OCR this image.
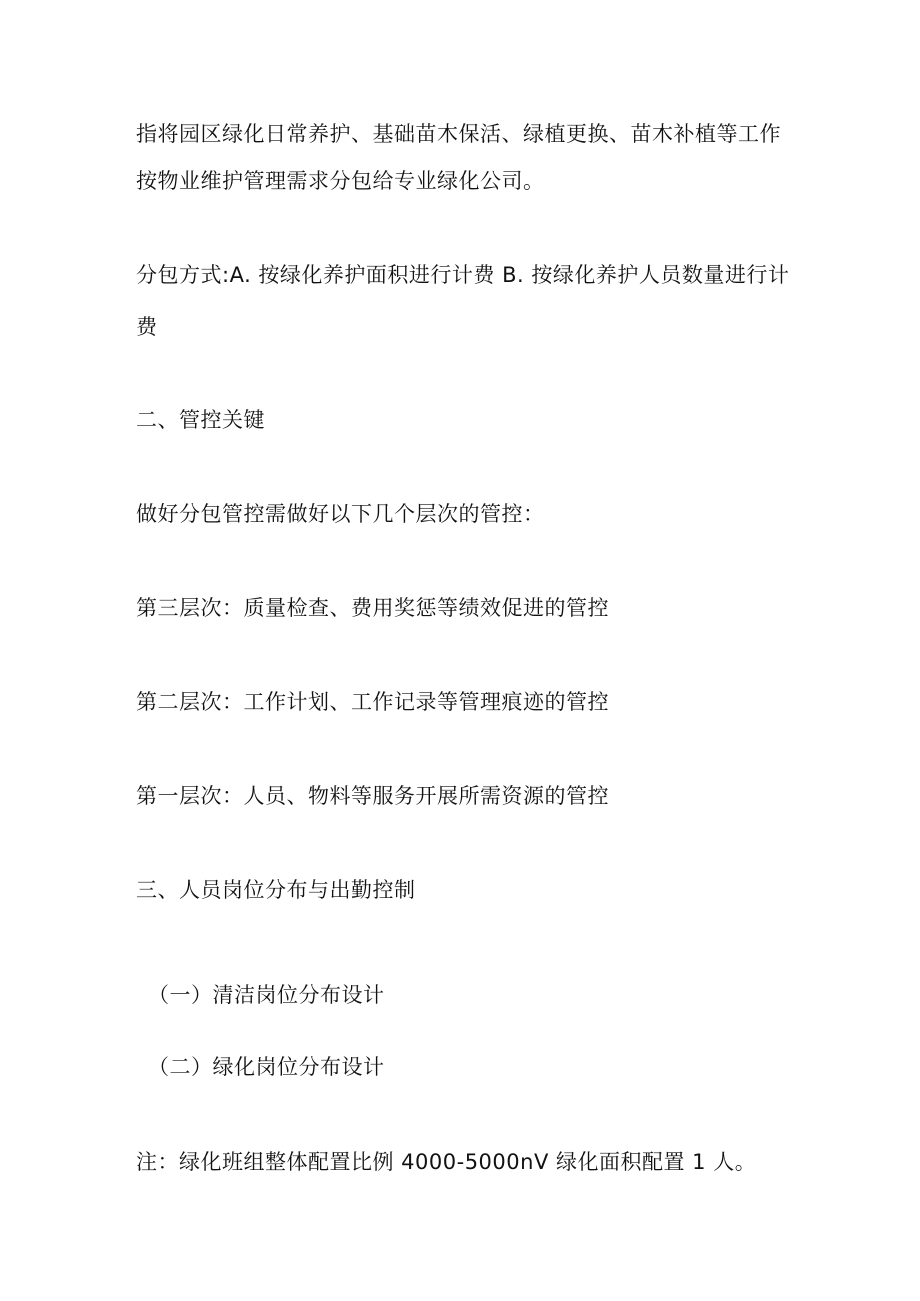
指将园区绿化日常养护、基础苗木保活、绿植更换、苗木补植等工作
按物业维护管理需求分包给专业绿化公司。
分包方式:A. 按绿化养护面积进行计费 B. 按绿化养护人员数量进行计
费
二、管控关键
做好分包管控需做好以下几个层次的管控：
第三层次：质量检查、费用奖惩等绩效促进的管控
第二层次：工作计划、工作记录等管理痕迹的管控
第一层次：人员、物料等服务开展所需资源的管控
三、人员岗位分布与出勤控制
（一）清洁岗位分布设计
（二）绿化岗位分布设计
注：绿化班组整体配置比例 4000-5000nV 绿化面积配置 1 人。
